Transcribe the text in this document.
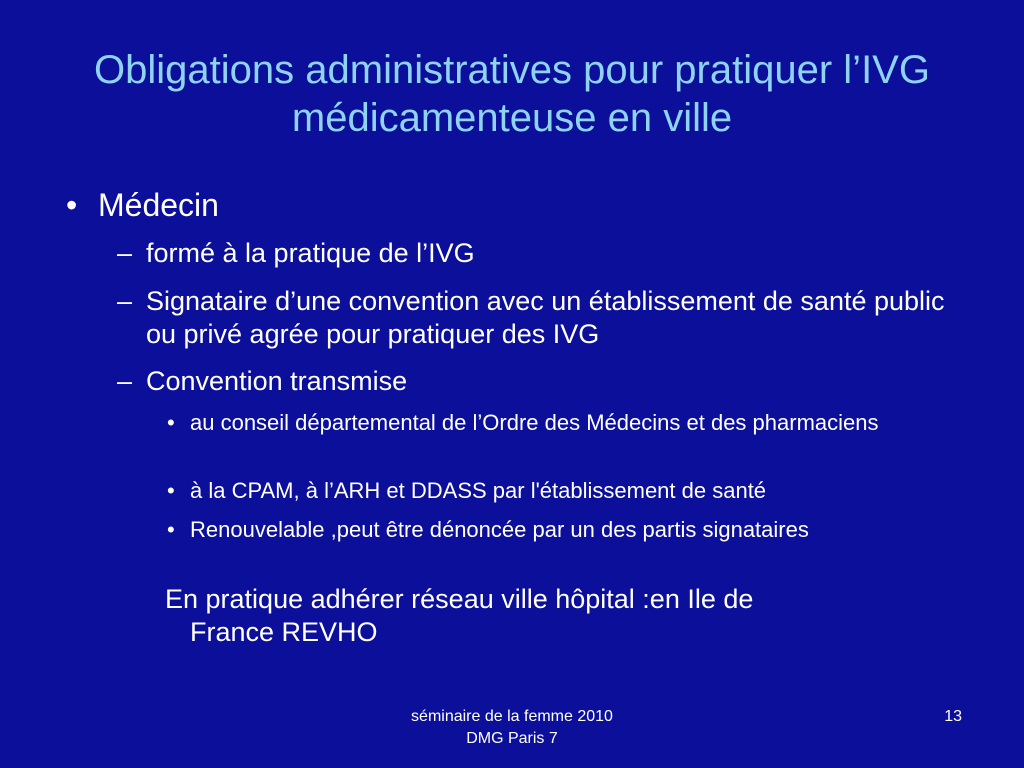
Obligations administratives pour pratiquer l’IVG médicamenteuse en ville
• Médecin
– formé à la pratique de l’IVG
– Signataire d’une convention avec un établissement de santé public ou privé agrée pour pratiquer des IVG
– Convention transmise
• au conseil départemental de l’Ordre des Médecins et des pharmaciens
• à la CPAM, à l’ARH et DDASS par l'établissement de santé
• Renouvelable ,peut être dénoncée par un des partis signataires
En pratique adhérer réseau ville hôpital :en Ile de
France REVHO
séminaire de la femme 2010
DMG Paris 7
13
